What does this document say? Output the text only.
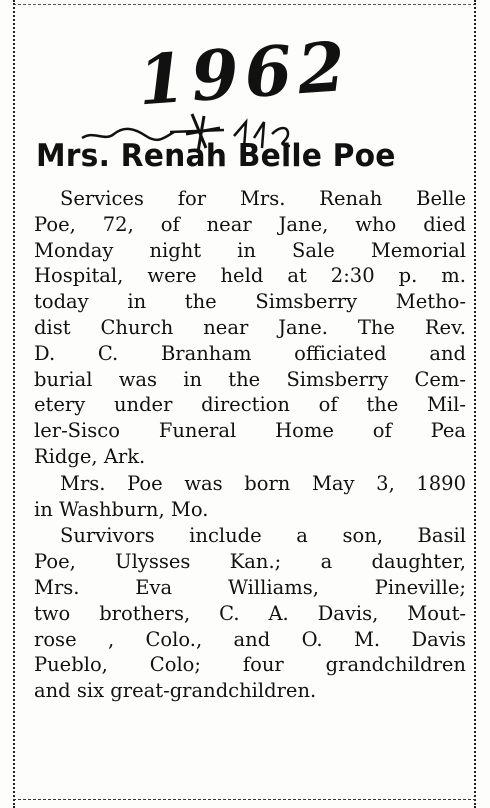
1962
Mrs. Renah Belle Poe
Services for Mrs. Renah Belle
Poe, 72, of near Jane, who died
Monday night in Sale Memorial
Hospital, were held at 2:30 p. m.
today in the Simsberry Metho-
dist Church near Jane. The Rev.
D. C. Branham officiated and
burial was in the Simsberry Cem-
etery under direction of the Mil-
ler-Sisco Funeral Home of Pea
Ridge, Ark.
Mrs. Poe was born May 3, 1890
in Washburn, Mo.
Survivors include a son, Basil
Poe, Ulysses Kan.; a daughter,
Mrs. Eva Williams, Pineville;
two brothers, C. A. Davis, Mout-
rose , Colo., and O. M. Davis
Pueblo, Colo; four grandchildren
and six great-grandchildren.
